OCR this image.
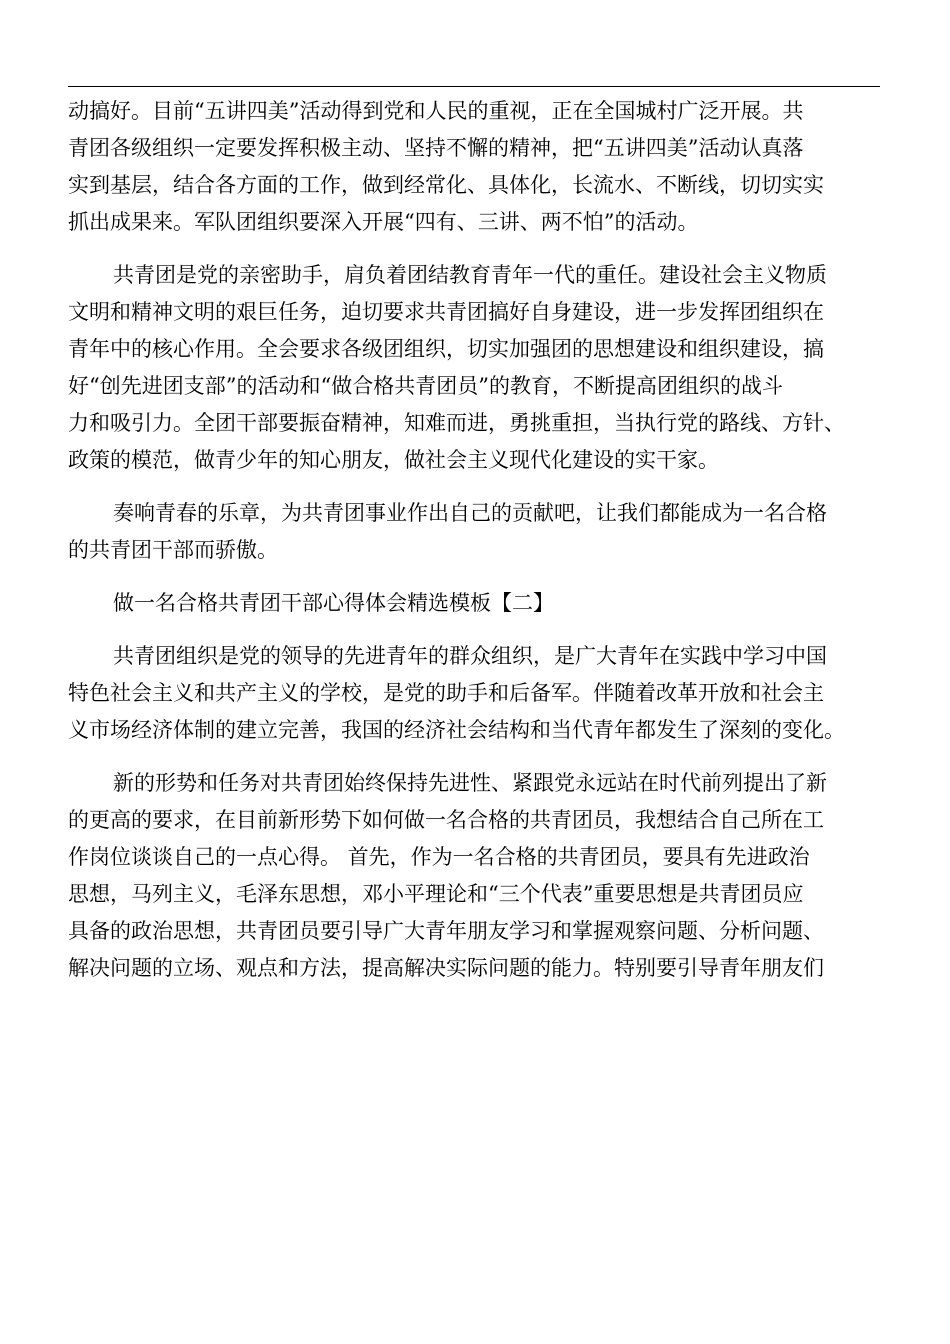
动搞好。目前“五讲四美”活动得到党和人民的重视，正在全国城村广泛开展。共
青团各级组织一定要发挥积极主动、坚持不懈的精神，把“五讲四美”活动认真落
实到基层，结合各方面的工作，做到经常化、具体化，长流水、不断线，切切实实
抓出成果来。军队团组织要深入开展“四有、三讲、两不怕”的活动。
共青团是党的亲密助手，肩负着团结教育青年一代的重任。建设社会主义物质
文明和精神文明的艰巨任务，迫切要求共青团搞好自身建设，进一步发挥团组织在
青年中的核心作用。全会要求各级团组织，切实加强团的思想建设和组织建设，搞
好“创先进团支部”的活动和“做合格共青团员”的教育，不断提高团组织的战斗
力和吸引力。全团干部要振奋精神，知难而进，勇挑重担，当执行党的路线、方针、
政策的模范，做青少年的知心朋友，做社会主义现代化建设的实干家。
奏响青春的乐章，为共青团事业作出自己的贡献吧，让我们都能成为一名合格
的共青团干部而骄傲。
做一名合格共青团干部心得体会精选模板【二】
共青团组织是党的领导的先进青年的群众组织，是广大青年在实践中学习中国
特色社会主义和共产主义的学校，是党的助手和后备军。伴随着改革开放和社会主
义市场经济体制的建立完善，我国的经济社会结构和当代青年都发生了深刻的变化。
新的形势和任务对共青团始终保持先进性、紧跟党永远站在时代前列提出了新
的更高的要求，在目前新形势下如何做一名合格的共青团员，我想结合自己所在工
作岗位谈谈自己的一点心得。 首先，作为一名合格的共青团员，要具有先进政治
思想，马列主义，毛泽东思想，邓小平理论和“三个代表”重要思想是共青团员应
具备的政治思想，共青团员要引导广大青年朋友学习和掌握观察问题、分析问题、
解决问题的立场、观点和方法，提高解决实际问题的能力。特别要引导青年朋友们
